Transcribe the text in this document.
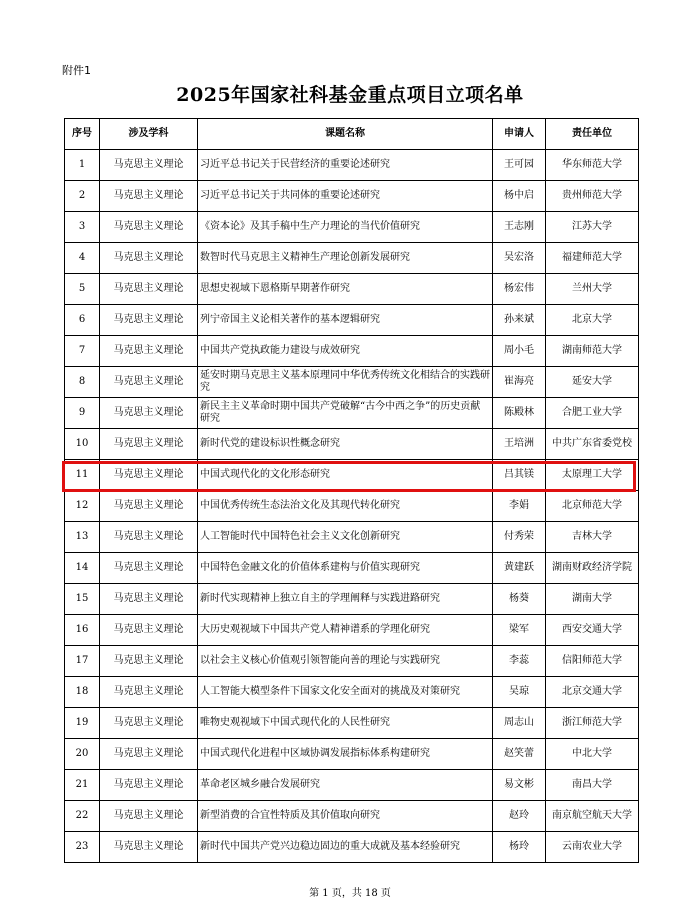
附件1
2025年国家社科基金重点项目立项名单
序号	涉及学科	课题名称	申请人	责任单位
1	马克思主义理论	习近平总书记关于民营经济的重要论述研究	王可园	华东师范大学
2	马克思主义理论	习近平总书记关于共同体的重要论述研究	杨中启	贵州师范大学
3	马克思主义理论	《资本论》及其手稿中生产力理论的当代价值研究	王志刚	江苏大学
4	马克思主义理论	数智时代马克思主义精神生产理论创新发展研究	吴宏洛	福建师范大学
5	马克思主义理论	思想史视域下恩格斯早期著作研究	杨宏伟	兰州大学
6	马克思主义理论	列宁帝国主义论相关著作的基本逻辑研究	孙来斌	北京大学
7	马克思主义理论	中国共产党执政能力建设与成效研究	周小毛	湖南师范大学
8	马克思主义理论	延安时期马克思主义基本原理同中华优秀传统文化相结合的实践研究	崔海亮	延安大学
9	马克思主义理论	新民主主义革命时期中国共产党破解“古今中西之争”的历史贡献研究	陈殿林	合肥工业大学
10	马克思主义理论	新时代党的建设标识性概念研究	王培洲	中共广东省委党校
11	马克思主义理论	中国式现代化的文化形态研究	吕其镁	太原理工大学
12	马克思主义理论	中国优秀传统生态法治文化及其现代转化研究	李娟	北京师范大学
13	马克思主义理论	人工智能时代中国特色社会主义文化创新研究	付秀荣	吉林大学
14	马克思主义理论	中国特色金融文化的价值体系建构与价值实现研究	黄建跃	湖南财政经济学院
15	马克思主义理论	新时代实现精神上独立自主的学理阐释与实践进路研究	杨葵	湖南大学
16	马克思主义理论	大历史观视域下中国共产党人精神谱系的学理化研究	梁军	西安交通大学
17	马克思主义理论	以社会主义核心价值观引领智能向善的理论与实践研究	李蕊	信阳师范大学
18	马克思主义理论	人工智能大模型条件下国家文化安全面对的挑战及对策研究	吴琼	北京交通大学
19	马克思主义理论	唯物史观视域下中国式现代化的人民性研究	周志山	浙江师范大学
20	马克思主义理论	中国式现代化进程中区域协调发展指标体系构建研究	赵笑蕾	中北大学
21	马克思主义理论	革命老区城乡融合发展研究	易文彬	南昌大学
22	马克思主义理论	新型消费的合宜性特质及其价值取向研究	赵玲	南京航空航天大学
23	马克思主义理论	新时代中国共产党兴边稳边固边的重大成就及基本经验研究	杨玲	云南农业大学
第 1 页，共 18 页
